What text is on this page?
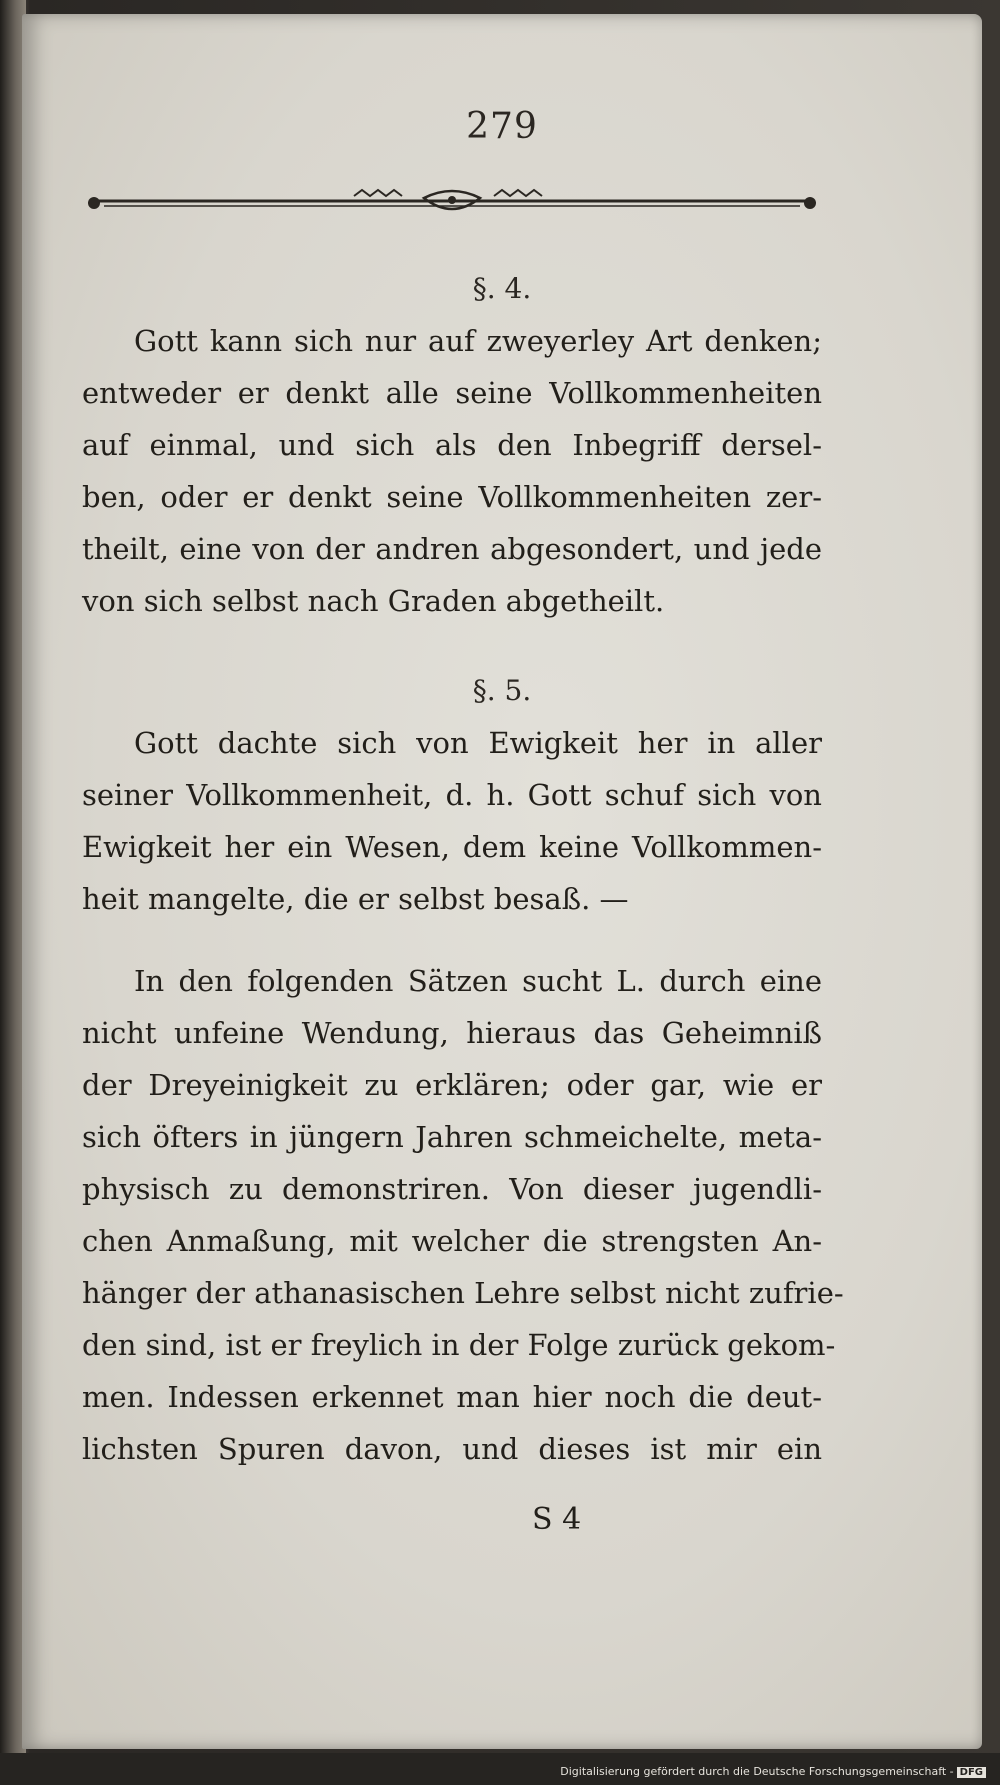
279
§. 4.
Gott kann sich nur auf zweyerley Art denken;
entweder er denkt alle seine Vollkommenheiten
auf einmal, und sich als den Inbegriff dersel-
ben, oder er denkt seine Vollkommenheiten zer-
theilt, eine von der andren abgesondert, und jede
von sich selbst nach Graden abgetheilt.
§. 5.
Gott dachte sich von Ewigkeit her in aller
seiner Vollkommenheit, d. h. Gott schuf sich von
Ewigkeit her ein Wesen, dem keine Vollkommen-
heit mangelte, die er selbst besaß. —
In den folgenden Sätzen sucht L. durch eine
nicht unfeine Wendung, hieraus das Geheimniß
der Dreyeinigkeit zu erklären; oder gar, wie er
sich öfters in jüngern Jahren schmeichelte, meta-
physisch zu demonstriren. Von dieser jugendli-
chen Anmaßung, mit welcher die strengsten An-
hänger der athanasischen Lehre selbst nicht zufrie-
den sind, ist er freylich in der Folge zurück gekom-
men. Indessen erkennet man hier noch die deut-
lichsten Spuren davon, und dieses ist mir ein
S 4
Digitalisierung gefördert durch die Deutsche Forschungsgemeinschaft - DFG
